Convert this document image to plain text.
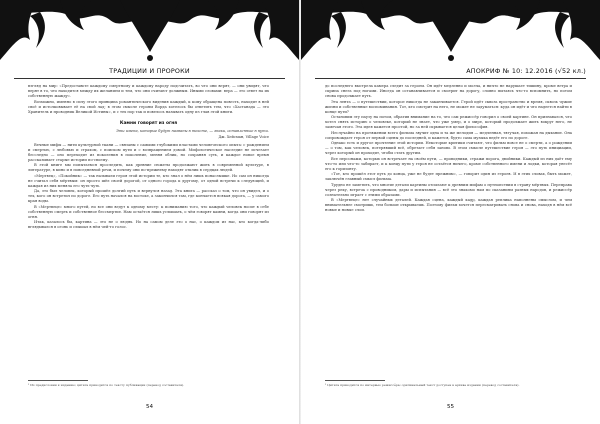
ТРАДИЦИИ И ПРОРОКИ

взгляд на мир: «Предоставьте каждому смертному и каждому народу подсчитать, во что они верят, — они увидят, что верят в то, что находится между их желанием и тем, что они считают должным. Иными словами: вера — это ответ на их собственную жажду».

Возможно, именно в силу этого принципа романтического видения каждый, к кому обращена повесть, находит в ней своё и истолковывает её на свой лад; в этом смысле героям Ворда хотелось бы ответить тем, что «Хастанада — это Хранитель и проводник Великой Истины», и с тех пор так и повелось называть одну из глав этой книги.

Камни говорят из огня
Эти имена, которые будут названы в тексте, — знаки, оставленные в пути.
Дж. Хейсман, Village Voice

Вечные мифы — нити культурной ткани — связаны с самыми глубокими пластами человеческого опыта: с рождением и смертью, с любовью и страхом, с поиском пути и с возвращением домой. Мифологическое наследие не исчезает бесследно — оно переходит из поколения в поколение, меняя облик, но сохраняя суть, и каждое новое время рассказывает старые истории по-своему.

В этой книге мы попытаемся проследить, как древние сюжеты продолжают жить в современной культуре, в литературе, в кино и в повседневной речи, и почему они по-прежнему находят отклик в сердцах людей.

«Мертвец», «Покойник» — так называли героя этой истории те, кто знал о нём лишь понаслышке. Но сам он никогда не считал себя мёртвым: он просто шёл своей дорогой, от одного города к другому, от одной встречи к следующей, и каждая из них меняла его чуть-чуть.

Да, это был человек, который прошёл долгий путь и вернулся назад. Эта книга — рассказ о том, что он увидел, и о тех, кого он встретил по дороге. Его путь начался на востоке, а закончился там, где кончается всякая дорога, — у самого края воды.

В «Мертвеце» много путей, но все они ведут к одному месту: к пониманию того, что каждый человек носит в себе собственную смерть и собственное бессмертие. Нам остаётся лишь услышать, о чём говорят камни, когда они говорят из огня.

Итак, казалось бы, картина — это не о людях. Но на самом деле это о нас, о каждом из нас, кто когда-либо вглядывался в огонь и слышал в нём чей-то голос.

¹ Из предисловия к изданию; цитата приводится по тексту публикации (перевод составителя).

54
АПОКРИФ № 10: 12.2016 (√52 кл.)

до последнего выстрела камера следит за героем. Он идёт медленно и молча, и ничто не нарушает тишину, кроме ветра и скрипа снега под ногами. Иногда он останавливается и смотрит на дорогу, словно пытаясь что-то вспомнить, но потом снова продолжает путь.

Эта лента — о путешествии, которое никогда не заканчивается. Герой идёт сквозь пространство и время, сквозь чужие жизни и собственные воспоминания. Тот, кто смотрит на него, не может не задуматься: куда он идёт и что надеется найти в конце пути?

Остановим эту паузу на потом, обратив внимание на то, что сам режиссёр говорил о своей картине. Он признавался, что хотел снять историю о человеке, который не знает, что уже умер, и о мире, который продолжает жить вокруг него, не замечая этого. Эта идея кажется простой, но за ней скрывается целая философия.

Неслучайно на протяжении всего фильма звучит одна и та же мелодия — медленная, тягучая, похожая на дыхание. Она сопровождает героя от первой сцены до последней, и кажется, будто сама музыка ведёт его по дороге.

Однако есть и другое прочтение этой истории. Некоторые критики считают, что фильм вовсе не о смерти, а о рождении — о том, как человек, потерявший всё, обретает себя заново. В этом смысле путешествие героя — это путь инициации, через который он проходит, чтобы стать другим.

Все персонажи, которых он встречает на своём пути, — проводники, стражи порога, двойники. Каждый из них даёт ему что-то или что-то забирает, и к концу пути у героя не остаётся ничего, кроме собственного имени и лодки, которая унесёт его к горизонту.

«Тот, кто прошёл этот путь до конца, уже не будет прежним», — говорит один из героев. И в этих словах, быть может, заключён главный смысл фильма.

Трудно не заметить, что многие детали картины отсылают к древним мифам о путешествии в страну мёртвых. Переправа через реку, встреча с проводником, дары и испытания — всё это знакомо нам по сказаниям разных народов, и режиссёр сознательно играет с этими образами.

В «Мертвеце» нет случайных деталей. Каждая сцена, каждый кадр, каждая реплика наполнены смыслом, и чем внимательнее смотришь, тем больше открываешь. Поэтому фильм хочется пересматривать снова и снова, находя в нём всё новые и новые слои.

¹ Цитата приводится по интервью режиссёра; оригинальный текст доступен в архиве издания (перевод составителя).

55
